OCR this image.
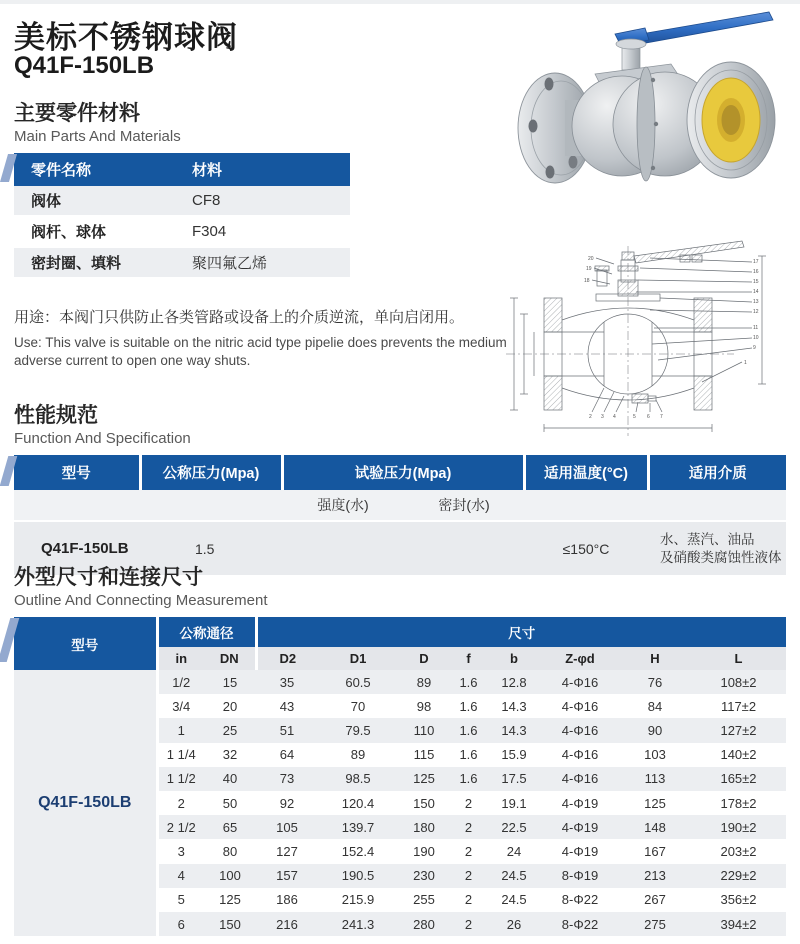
美标不锈钢球阀
Q41F-150LB
主要零件材料
Main Parts And Materials
零件名称	材料
阀体	CF8
阀杆、球体	F304
密封圈、填料	聚四氟乙烯
用途：本阀门只供防止各类管路或设备上的介质逆流，单向启闭用。
Use: This valve is suitable on the nitric acid type pipelie does prevents the medium adverse current to open one way shuts.
17
16
15
14
13
12
11
10
9
20
19
18
2 3 4	5 6 7
1
性能规范
Function And Specification
型号	公称压力(Mpa)	试验压力(Mpa)		适用温度(°C)	适用介质
		强度(水)	密封(水)		
Q41F-150LB	1.5			≤150°C	水、蒸汽、油品
及硝酸类腐蚀性液体
外型尺寸和连接尺寸
Outline And Connecting Measurement
型号	公称通径		尺寸							
	in	DN	D2	D1	D	f	b	Z-φd	H	L
Q41F-150LB	1/2	15	35	60.5	89	1.6	12.8	4-Φ16	76	108±2
	3/4	20	43	70	98	1.6	14.3	4-Φ16	84	117±2
	1	25	51	79.5	110	1.6	14.3	4-Φ16	90	127±2
	1 1/4	32	64	89	115	1.6	15.9	4-Φ16	103	140±2
	1 1/2	40	73	98.5	125	1.6	17.5	4-Φ16	113	165±2
	2	50	92	120.4	150	2	19.1	4-Φ19	125	178±2
	2 1/2	65	105	139.7	180	2	22.5	4-Φ19	148	190±2
	3	80	127	152.4	190	2	24	4-Φ19	167	203±2
	4	100	157	190.5	230	2	24.5	8-Φ19	213	229±2
	5	125	186	215.9	255	2	24.5	8-Φ22	267	356±2
	6	150	216	241.3	280	2	26	8-Φ22	275	394±2
